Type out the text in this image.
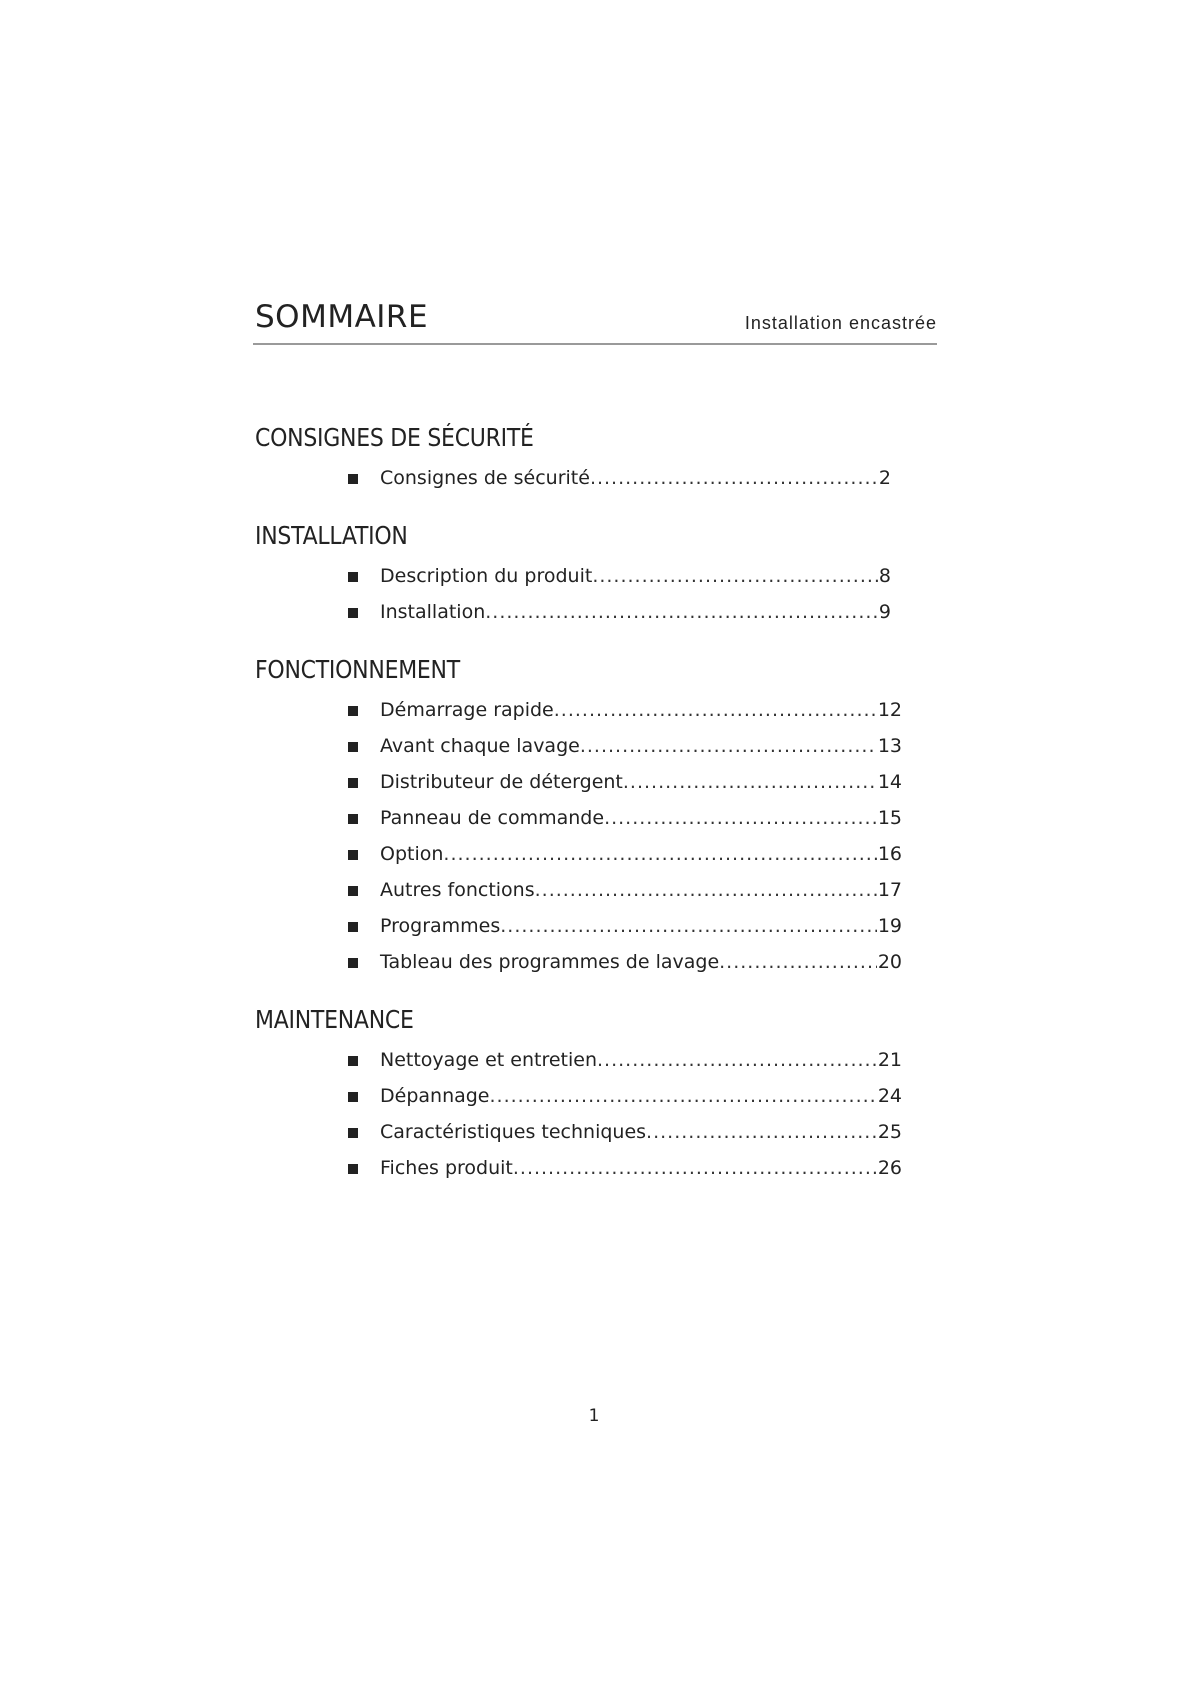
SOMMAIRE	Installation encastrée
CONSIGNES DE SÉCURITÉ
Consignes de sécurité .....	2
INSTALLATION
Description du produit .....	8
Installation .....	9
FONCTIONNEMENT
Démarrage rapide .....	12
Avant chaque lavage .....	13
Distributeur de détergent .....	14
Panneau de commande .....	15
Option .....	16
Autres fonctions .....	17
Programmes .....	19
Tableau des programmes de lavage .....	20
MAINTENANCE
Nettoyage et entretien .....	21
Dépannage .....	24
Caractéristiques techniques .....	25
Fiches produit .....	26
1
